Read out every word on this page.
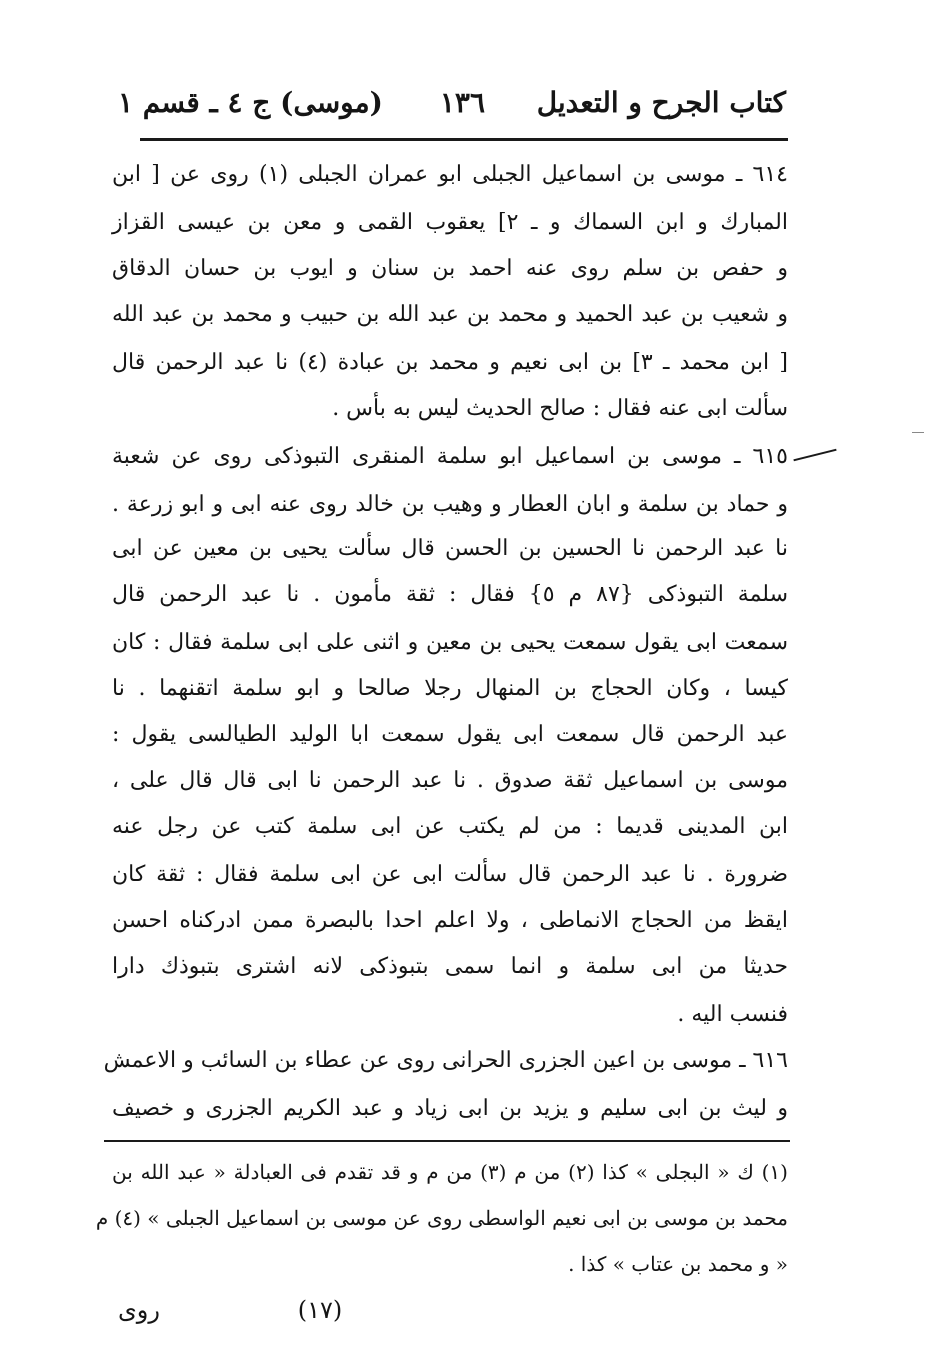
كتاب الجرح و التعديل
١٣٦
(موسى) ج ٤ ـ قسم ١
٦١٤ ـ موسى بن اسماعيل الجبلى ابو عمران الجبلى (١) روى عن [ ابن
المبارك و ابن السماك و ـ ٢] يعقوب القمى و معن بن عيسى القزاز
و حفص بن سلم روى عنه احمد بن سنان و ايوب بن حسان الدقاق
و شعيب بن عبد الحميد و محمد بن عبد الله بن حبيب و محمد بن عبد الله
[ ابن محمد ـ ٣] بن ابى نعيم و محمد بن عبادة (٤) نا عبد الرحمن قال
سألت ابى عنه فقال : صالح الحديث ليس به بأس .
٦١٥ ـ موسى بن اسماعيل ابو سلمة المنقرى التبوذكى روى عن شعبة
و حماد بن سلمة و ابان العطار و وهيب بن خالد روى عنه ابى و ابو زرعة .
نا عبد الرحمن نا الحسين بن الحسن قال سألت يحيى بن معين عن ابى
سلمة التبوذكى {٨٧ م ٥} فقال : ثقة مأمون . نا عبد الرحمن قال
سمعت ابى يقول سمعت يحيى بن معين و اثنى على ابى سلمة فقال : كان
كيسا ، وكان الحجاج بن المنهال رجلا صالحا و ابو سلمة اتقنهما . نا
عبد الرحمن قال سمعت ابى يقول سمعت ابا الوليد الطيالسى يقول :
موسى بن اسماعيل ثقة صدوق . نا عبد الرحمن نا ابى قال قال على ،
ابن المدينى قديما : من لم يكتب عن ابى سلمة كتب عن رجل عنه
ضرورة . نا عبد الرحمن قال سألت ابى عن ابى سلمة فقال : ثقة كان
ايقظ من الحجاج الانماطى ، ولا اعلم احدا بالبصرة ممن ادركناه احسن
حديثا من ابى سلمة و انما سمى بتبوذكى لانه اشترى بتبوذك دارا
فنسب اليه .
٦١٦ ـ موسى بن اعين الجزرى الحرانى روى عن عطاء بن السائب و الاعمش
و ليث بن ابى سليم و يزيد بن ابى زياد و عبد الكريم الجزرى و خصيف
(١) ك « البجلى » كذا (٢) من م (٣) من م و قد تقدم فى العبادلة « عبد الله بن
محمد بن موسى بن ابى نعيم الواسطى روى عن موسى بن اسماعيل الجبلى » (٤) م
« و محمد بن عتاب » كذا .
(١٧)
روى
